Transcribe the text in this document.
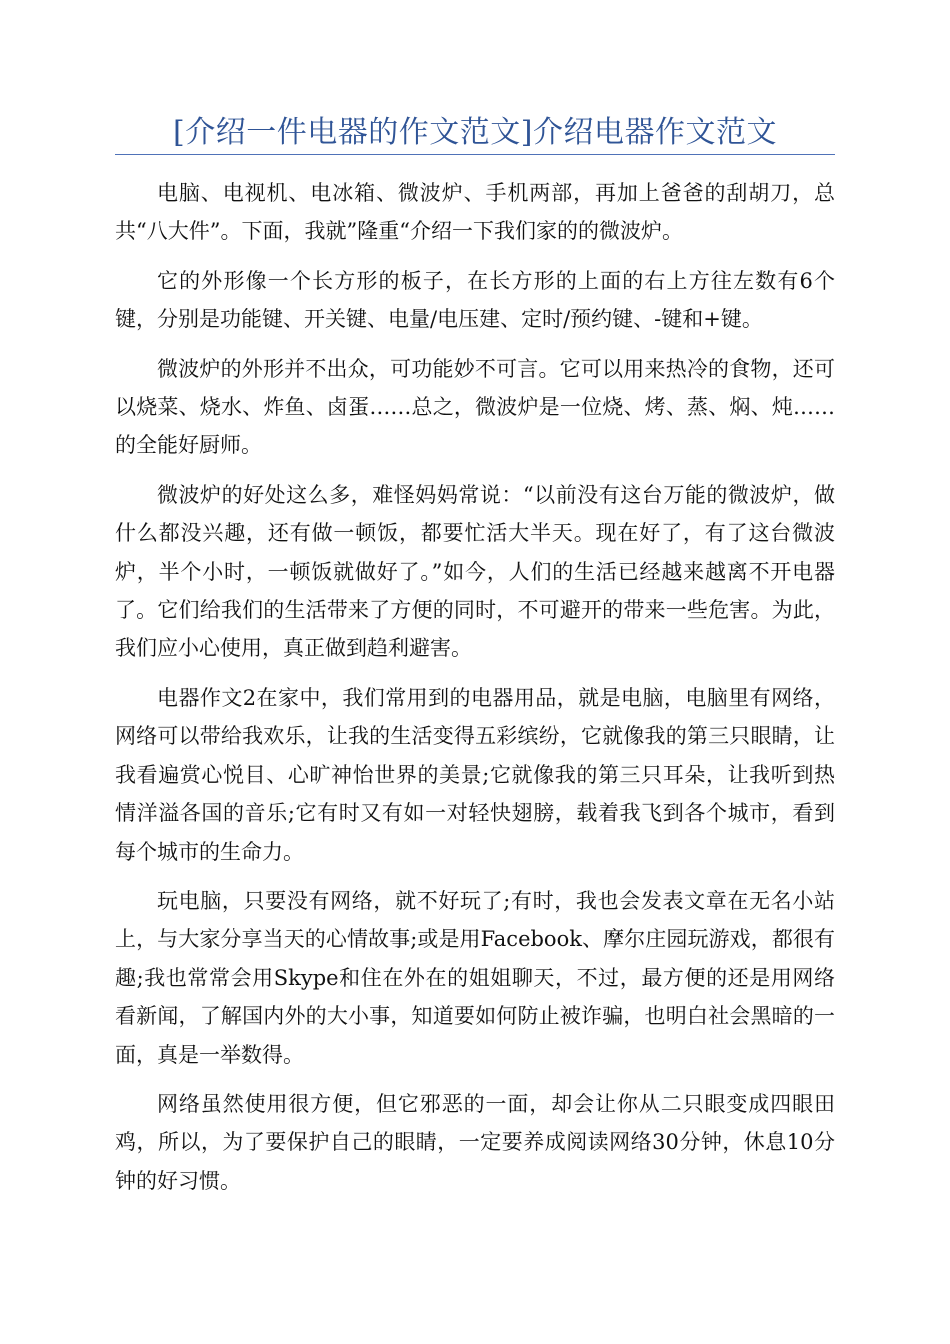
[介绍一件电器的作文范文]介绍电器作文范文

电脑、电视机、电冰箱、微波炉、手机两部，再加上爸爸的刮胡刀，总共“八大件”。下面，我就”隆重“介绍一下我们家的的微波炉。

它的外形像一个长方形的板子，在长方形的上面的右上方往左数有6个键，分别是功能键、开关键、电量/电压建、定时/预约键、-键和+键。

微波炉的外形并不出众，可功能妙不可言。它可以用来热冷的食物，还可以烧菜、烧水、炸鱼、卤蛋……总之，微波炉是一位烧、烤、蒸、焖、炖……的全能好厨师。

微波炉的好处这么多，难怪妈妈常说：“以前没有这台万能的微波炉，做什么都没兴趣，还有做一顿饭，都要忙活大半天。现在好了，有了这台微波炉，半个小时，一顿饭就做好了。”如今，人们的生活已经越来越离不开电器了。它们给我们的生活带来了方便的同时，不可避开的带来一些危害。为此，我们应小心使用，真正做到趋利避害。

电器作文2在家中，我们常用到的电器用品，就是电脑，电脑里有网络，网络可以带给我欢乐，让我的生活变得五彩缤纷，它就像我的第三只眼睛，让我看遍赏心悦目、心旷神怡世界的美景;它就像我的第三只耳朵，让我听到热情洋溢各国的音乐;它有时又有如一对轻快翅膀，载着我飞到各个城市，看到每个城市的生命力。

玩电脑，只要没有网络，就不好玩了;有时，我也会发表文章在无名小站上，与大家分享当天的心情故事;或是用Facebook、摩尔庄园玩游戏，都很有趣;我也常常会用Skype和住在外在的姐姐聊天，不过，最方便的还是用网络看新闻，了解国内外的大小事，知道要如何防止被诈骗，也明白社会黑暗的一面，真是一举数得。

网络虽然使用很方便，但它邪恶的一面，却会让你从二只眼变成四眼田鸡，所以，为了要保护自己的眼睛，一定要养成阅读网络30分钟，休息10分钟的好习惯。
